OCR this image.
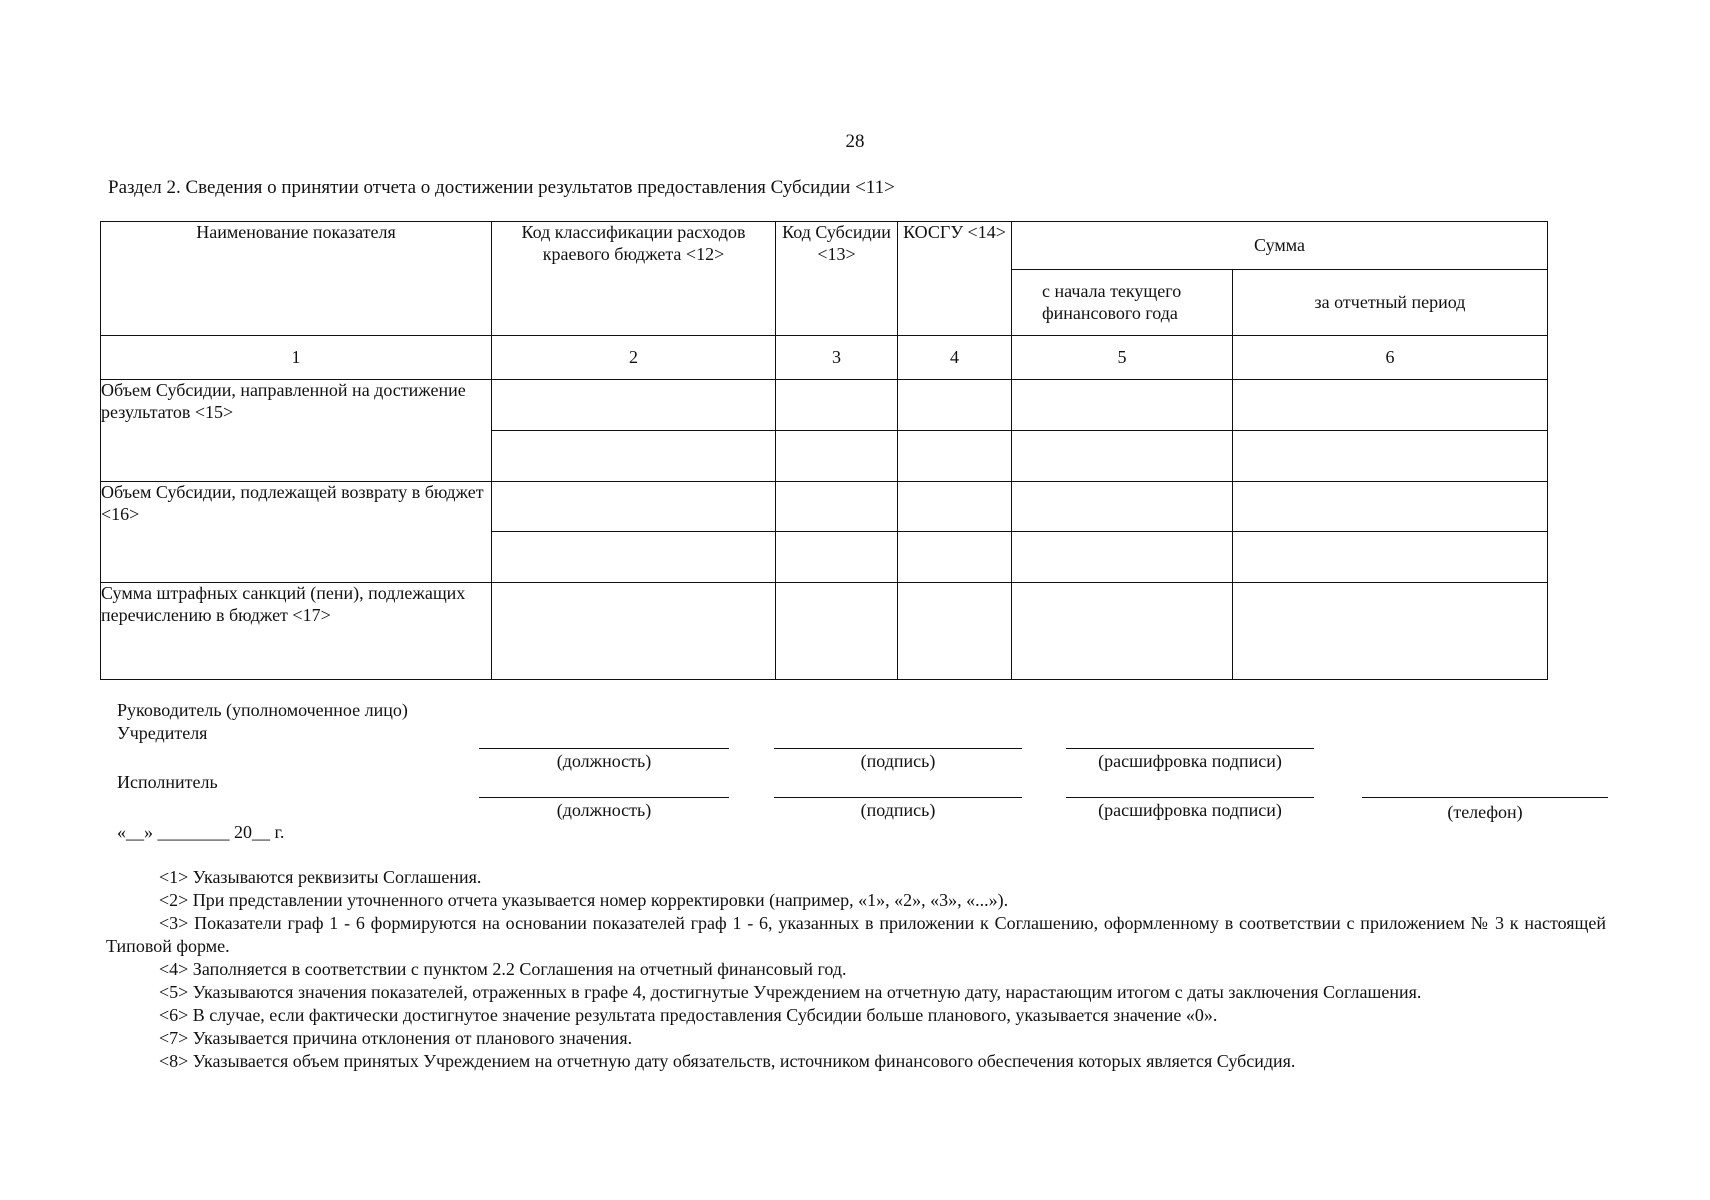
28
Раздел 2. Сведения о принятии отчета о достижении результатов предоставления Субсидии <11>
Наименование показателя	Код классификации расходов краевого бюджета <12>	Код Субсидии <13>	КОСГУ <14>	Сумма	
				с начала текущего финансового года	за отчетный период
1	2	3	4	5	6
Объем Субсидии, направленной на достижение результатов <15>					

Объем Субсидии, подлежащей возврату в бюджет <16>					

Сумма штрафных санкций (пени), подлежащих перечислению в бюджет <17>					
Руководитель (уполномоченное лицо)
Учредителя
(должность)	(подпись)	(расшифровка подписи)
Исполнитель
(должность)	(подпись)	(расшифровка подписи)	(телефон)
«__» ________ 20__ г.
<1> Указываются реквизиты Соглашения.
<2> При представлении уточненного отчета указывается номер корректировки (например, «1», «2», «3», «...»).
<3> Показатели граф 1 - 6 формируются на основании показателей граф 1 - 6, указанных в приложении к Соглашению, оформленному в соответствии с приложением № 3 к настоящей Типовой форме.
<4> Заполняется в соответствии с пунктом 2.2 Соглашения на отчетный финансовый год.
<5> Указываются значения показателей, отраженных в графе 4, достигнутые Учреждением на отчетную дату, нарастающим итогом с даты заключения Соглашения.
<6> В случае, если фактически достигнутое значение результата предоставления Субсидии больше планового, указывается значение «0».
<7> Указывается причина отклонения от планового значения.
<8> Указывается объем принятых Учреждением на отчетную дату обязательств, источником финансового обеспечения которых является Субсидия.
